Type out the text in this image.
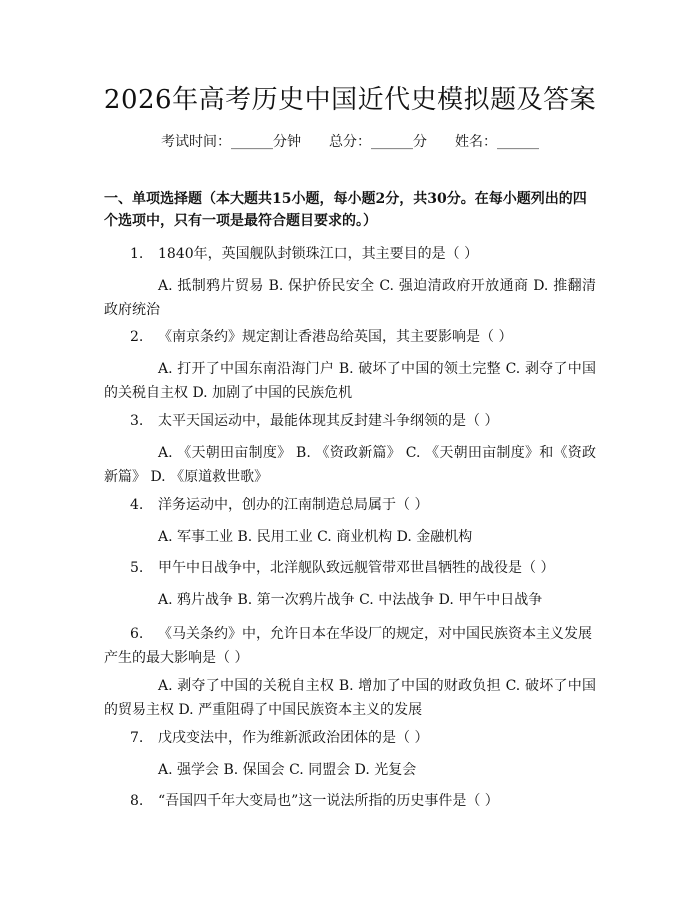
2026年高考历史中国近代史模拟题及答案
考试时间：______分钟 总分：______分 姓名：______
一、单项选择题（本大题共15小题，每小题2分，共30分。在每小题列出的四个选项中，只有一项是最符合题目要求的。）
1. 1840年，英国舰队封锁珠江口，其主要目的是（ ）
A. 抵制鸦片贸易 B. 保护侨民安全 C. 强迫清政府开放通商 D. 推翻清政府统治
2. 《南京条约》规定割让香港岛给英国，其主要影响是（ ）
A. 打开了中国东南沿海门户 B. 破坏了中国的领土完整 C. 剥夺了中国的关税自主权 D. 加剧了中国的民族危机
3. 太平天国运动中，最能体现其反封建斗争纲领的是（ ）
A. 《天朝田亩制度》 B. 《资政新篇》 C. 《天朝田亩制度》和《资政新篇》 D. 《原道救世歌》
4. 洋务运动中，创办的江南制造总局属于（ ）
A. 军事工业 B. 民用工业 C. 商业机构 D. 金融机构
5. 甲午中日战争中，北洋舰队致远舰管带邓世昌牺牲的战役是（ ）
A. 鸦片战争 B. 第一次鸦片战争 C. 中法战争 D. 甲午中日战争
6. 《马关条约》中，允许日本在华设厂的规定，对中国民族资本主义发展产生的最大影响是（ ）
A. 剥夺了中国的关税自主权 B. 增加了中国的财政负担 C. 破坏了中国的贸易主权 D. 严重阻碍了中国民族资本主义的发展
7. 戊戌变法中，作为维新派政治团体的是（ ）
A. 强学会 B. 保国会 C. 同盟会 D. 光复会
8. “吾国四千年大变局也”这一说法所指的历史事件是（ ）
